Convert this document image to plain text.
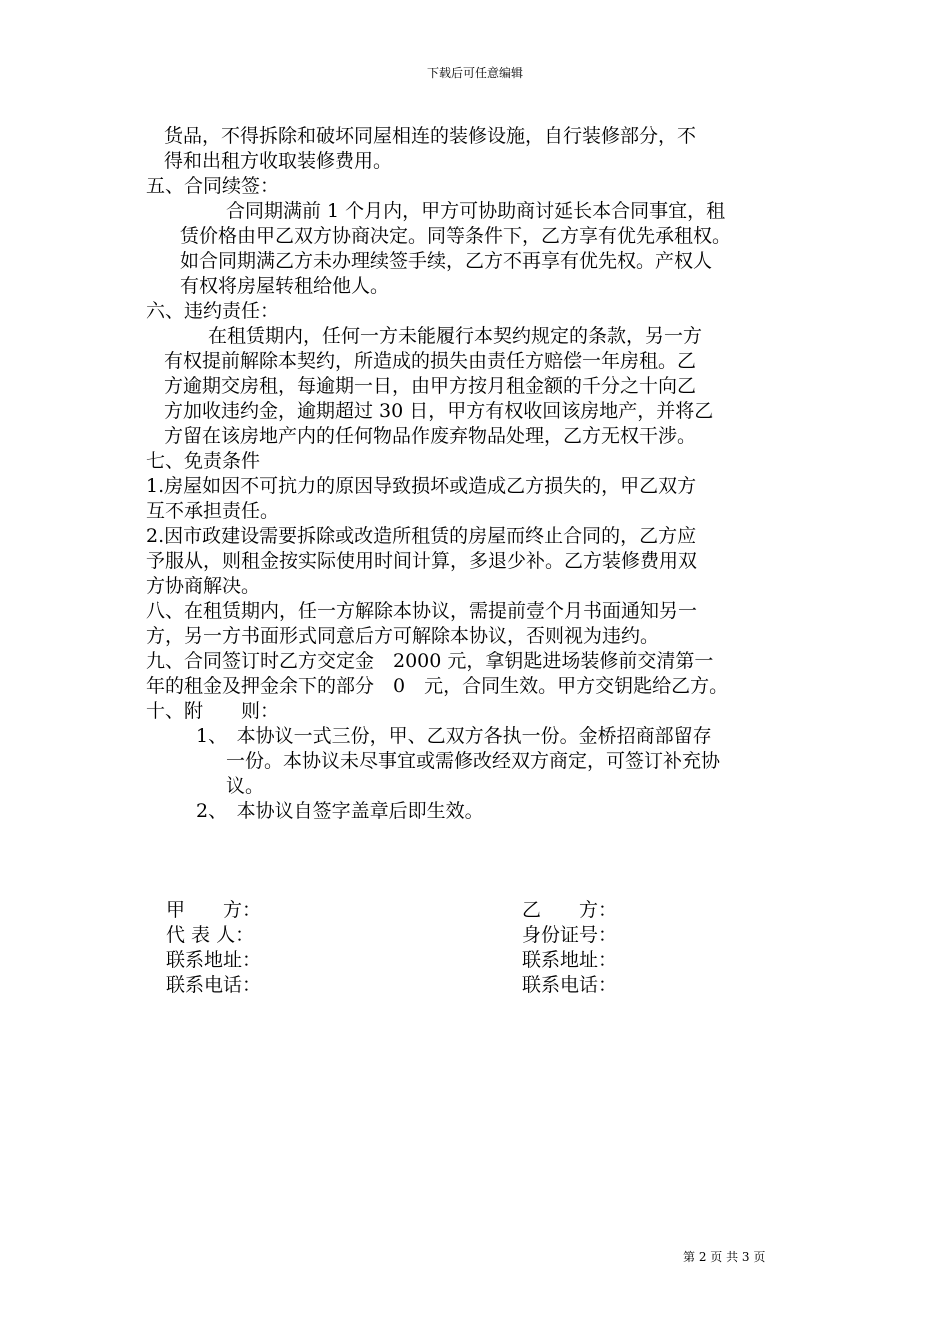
下载后可任意编辑
货品，不得拆除和破坏同屋相连的装修设施，自行装修部分，不
得和出租方收取装修费用。
五、合同续签：
合同期满前 1 个月内，甲方可协助商讨延长本合同事宜，租
赁价格由甲乙双方协商决定。同等条件下，乙方享有优先承租权。
如合同期满乙方未办理续签手续，乙方不再享有优先权。产权人
有权将房屋转租给他人。
六、违约责任：
在租赁期内，任何一方未能履行本契约规定的条款，另一方
有权提前解除本契约，所造成的损失由责任方赔偿一年房租。乙
方逾期交房租，每逾期一日，由甲方按月租金额的千分之十向乙
方加收违约金，逾期超过 30 日，甲方有权收回该房地产，并将乙
方留在该房地产内的任何物品作废弃物品处理，乙方无权干涉。
七、免责条件
1.房屋如因不可抗力的原因导致损坏或造成乙方损失的，甲乙双方
互不承担责任。
2.因市政建设需要拆除或改造所租赁的房屋而终止合同的，乙方应
予服从，则租金按实际使用时间计算，多退少补。乙方装修费用双
方协商解决。
八、在租赁期内，任一方解除本协议，需提前壹个月书面通知另一
方，另一方书面形式同意后方可解除本协议，否则视为违约。
九、合同签订时乙方交定金　2000 元，拿钥匙进场装修前交清第一
年的租金及押金余下的部分　0　元，合同生效。甲方交钥匙给乙方。
十、附　　则：
1、　本协议一式三份，甲、乙双方各执一份。金桥招商部留存
一份。本协议未尽事宜或需修改经双方商定，可签订补充协
议。
2、　本协议自签字盖章后即生效。
甲　　方：
代 表 人：
联系地址：
联系电话：
乙　　方：
身份证号：
联系地址：
联系电话：
第 2 页 共 3 页
